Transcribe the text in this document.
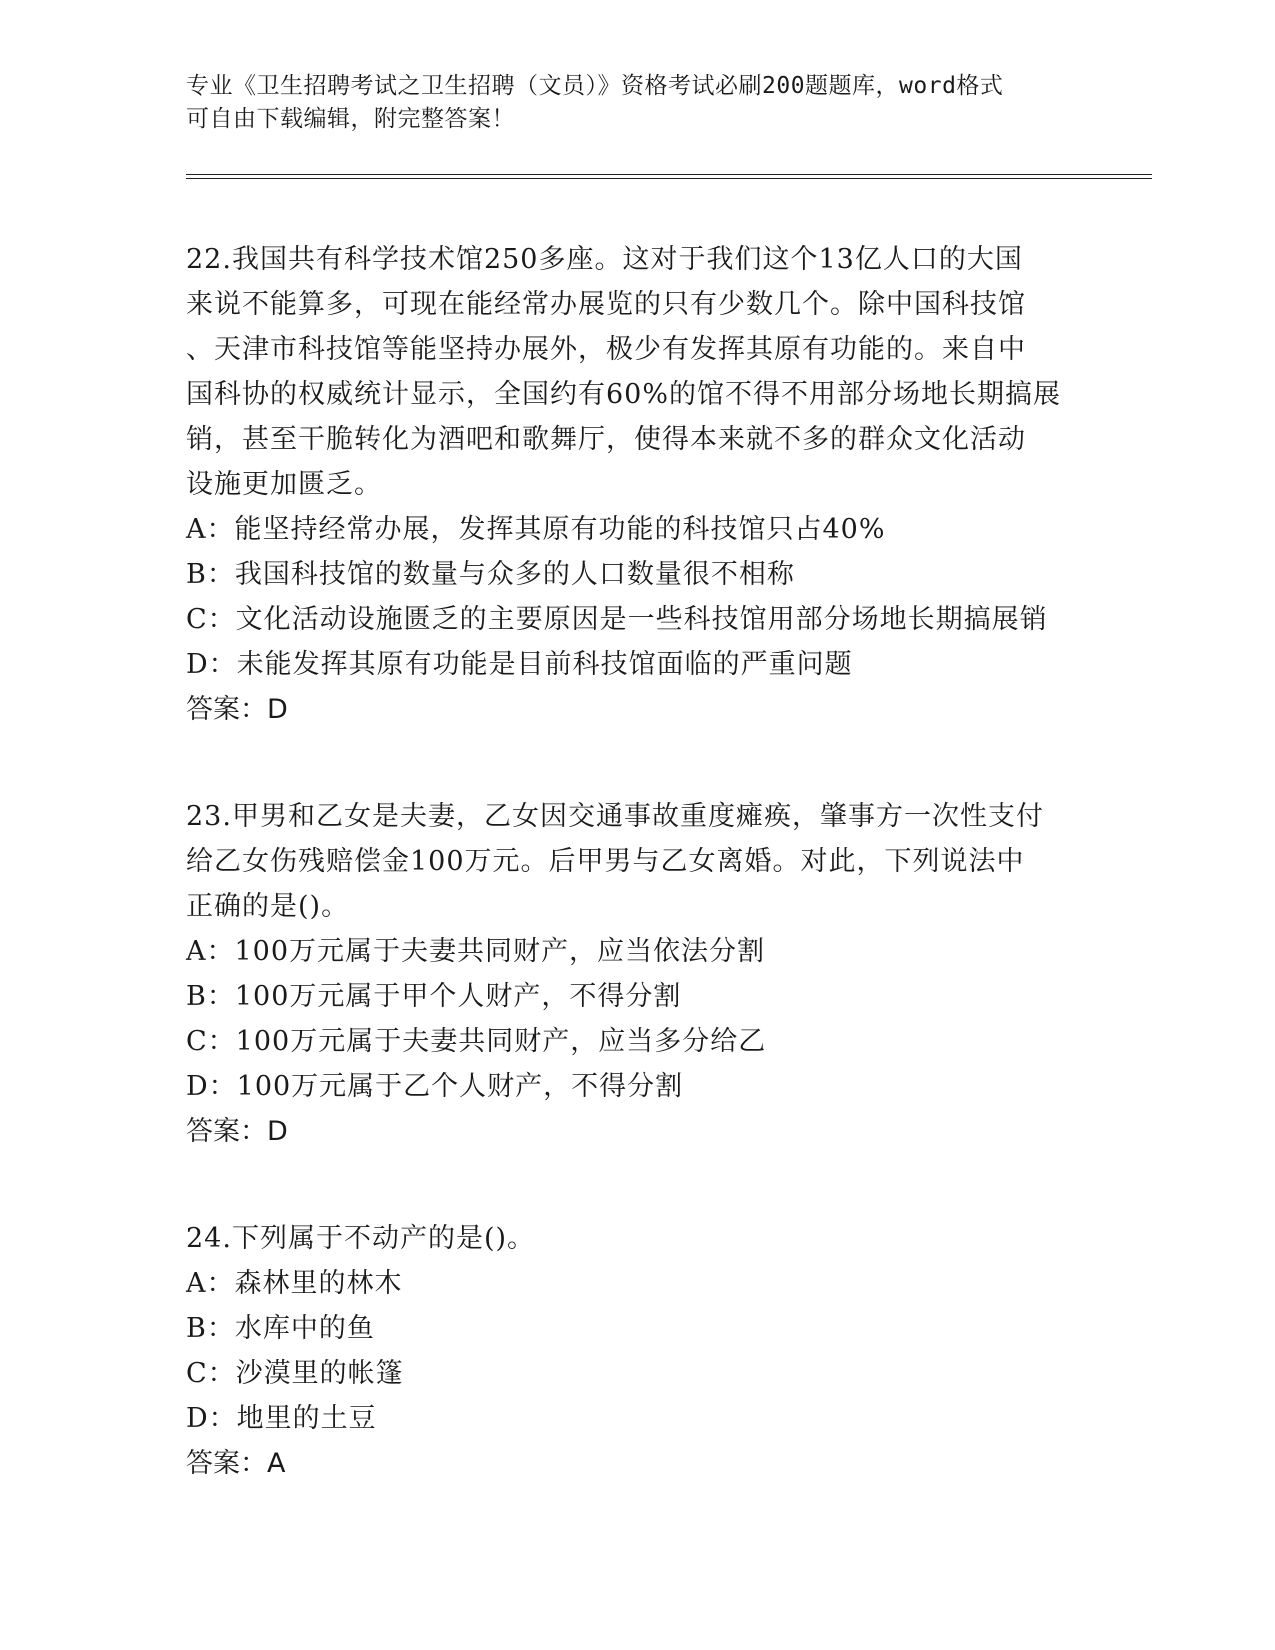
专业《卫生招聘考试之卫生招聘（文员）》资格考试必刷200题题库，word格式
可自由下载编辑，附完整答案！
22.我国共有科学技术馆250多座。这对于我们这个13亿人口的大国
来说不能算多，可现在能经常办展览的只有少数几个。除中国科技馆
、天津市科技馆等能坚持办展外，极少有发挥其原有功能的。来自中
国科协的权威统计显示，全国约有60%的馆不得不用部分场地长期搞展
销，甚至干脆转化为酒吧和歌舞厅，使得本来就不多的群众文化活动
设施更加匮乏。
A：能坚持经常办展，发挥其原有功能的科技馆只占40%
B：我国科技馆的数量与众多的人口数量很不相称
C：文化活动设施匮乏的主要原因是一些科技馆用部分场地长期搞展销
D：未能发挥其原有功能是目前科技馆面临的严重问题
答案：D
23.甲男和乙女是夫妻，乙女因交通事故重度瘫痪，肇事方一次性支付
给乙女伤残赔偿金100万元。后甲男与乙女离婚。对此，下列说法中
正确的是()。
A：100万元属于夫妻共同财产，应当依法分割
B：100万元属于甲个人财产，不得分割
C：100万元属于夫妻共同财产，应当多分给乙
D：100万元属于乙个人财产，不得分割
答案：D
24.下列属于不动产的是()。
A：森林里的林木
B：水库中的鱼
C：沙漠里的帐篷
D：地里的土豆
答案：A
